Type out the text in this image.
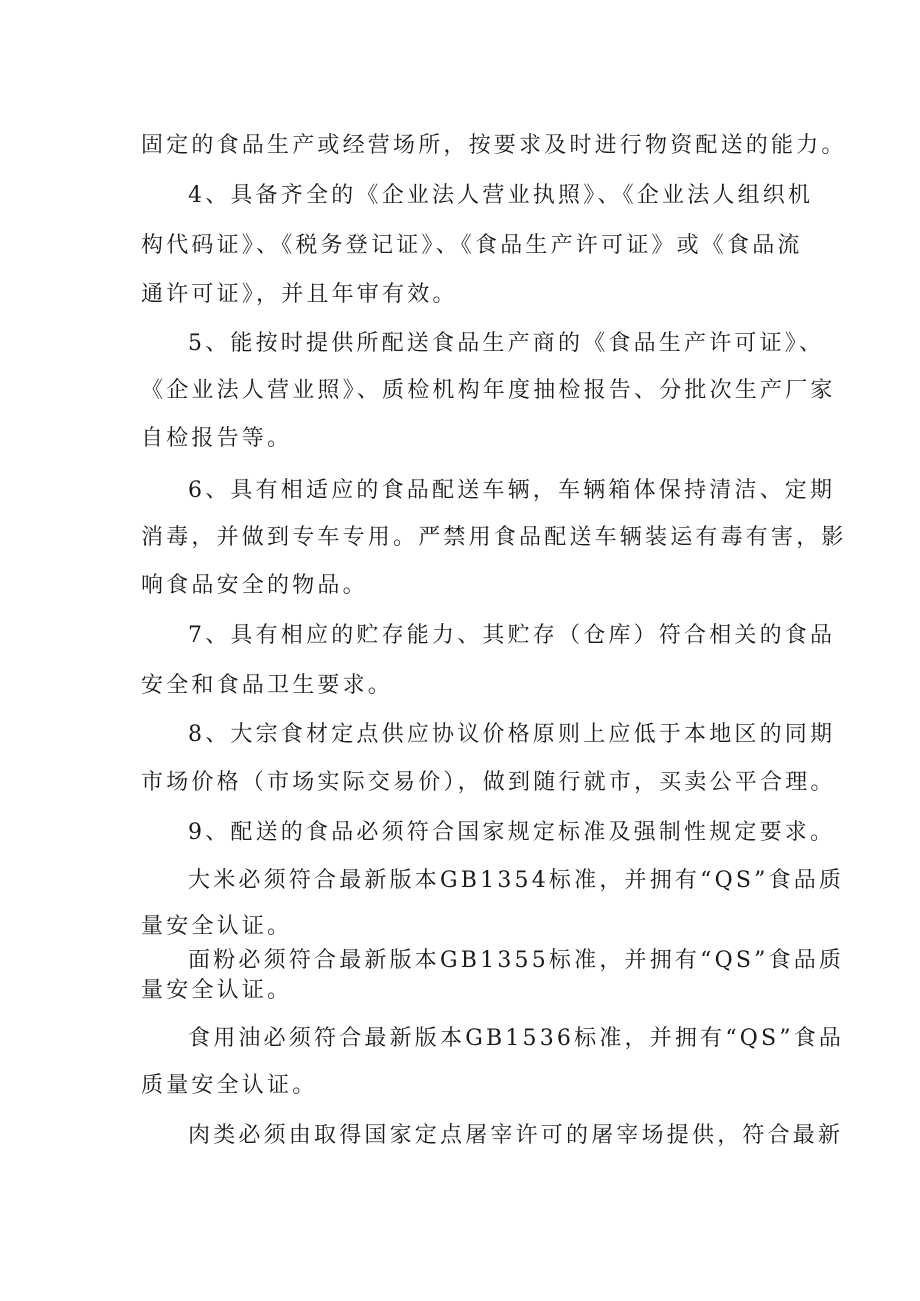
固定的食品生产或经营场所，按要求及时进行物资配送的能力。
4、具备齐全的《企业法人营业执照》、《企业法人组织机
构代码证》、《税务登记证》、《食品生产许可证》或《食品流
通许可证》，并且年审有效。
5、能按时提供所配送食品生产商的《食品生产许可证》、
《企业法人营业照》、质检机构年度抽检报告、分批次生产厂家
自检报告等。
6、具有相适应的食品配送车辆，车辆箱体保持清洁、定期
消毒，并做到专车专用。严禁用食品配送车辆装运有毒有害，影
响食品安全的物品。
7、具有相应的贮存能力、其贮存（仓库）符合相关的食品
安全和食品卫生要求。
8、大宗食材定点供应协议价格原则上应低于本地区的同期
市场价格（市场实际交易价），做到随行就市，买卖公平合理。
9、配送的食品必须符合国家规定标准及强制性规定要求。
大米必须符合最新版本GB1354标准，并拥有“QS”食品质
量安全认证。
面粉必须符合最新版本GB1355标准，并拥有“QS”食品质
量安全认证。
食用油必须符合最新版本GB1536标准，并拥有“QS”食品
质量安全认证。
肉类必须由取得国家定点屠宰许可的屠宰场提供，符合最新
